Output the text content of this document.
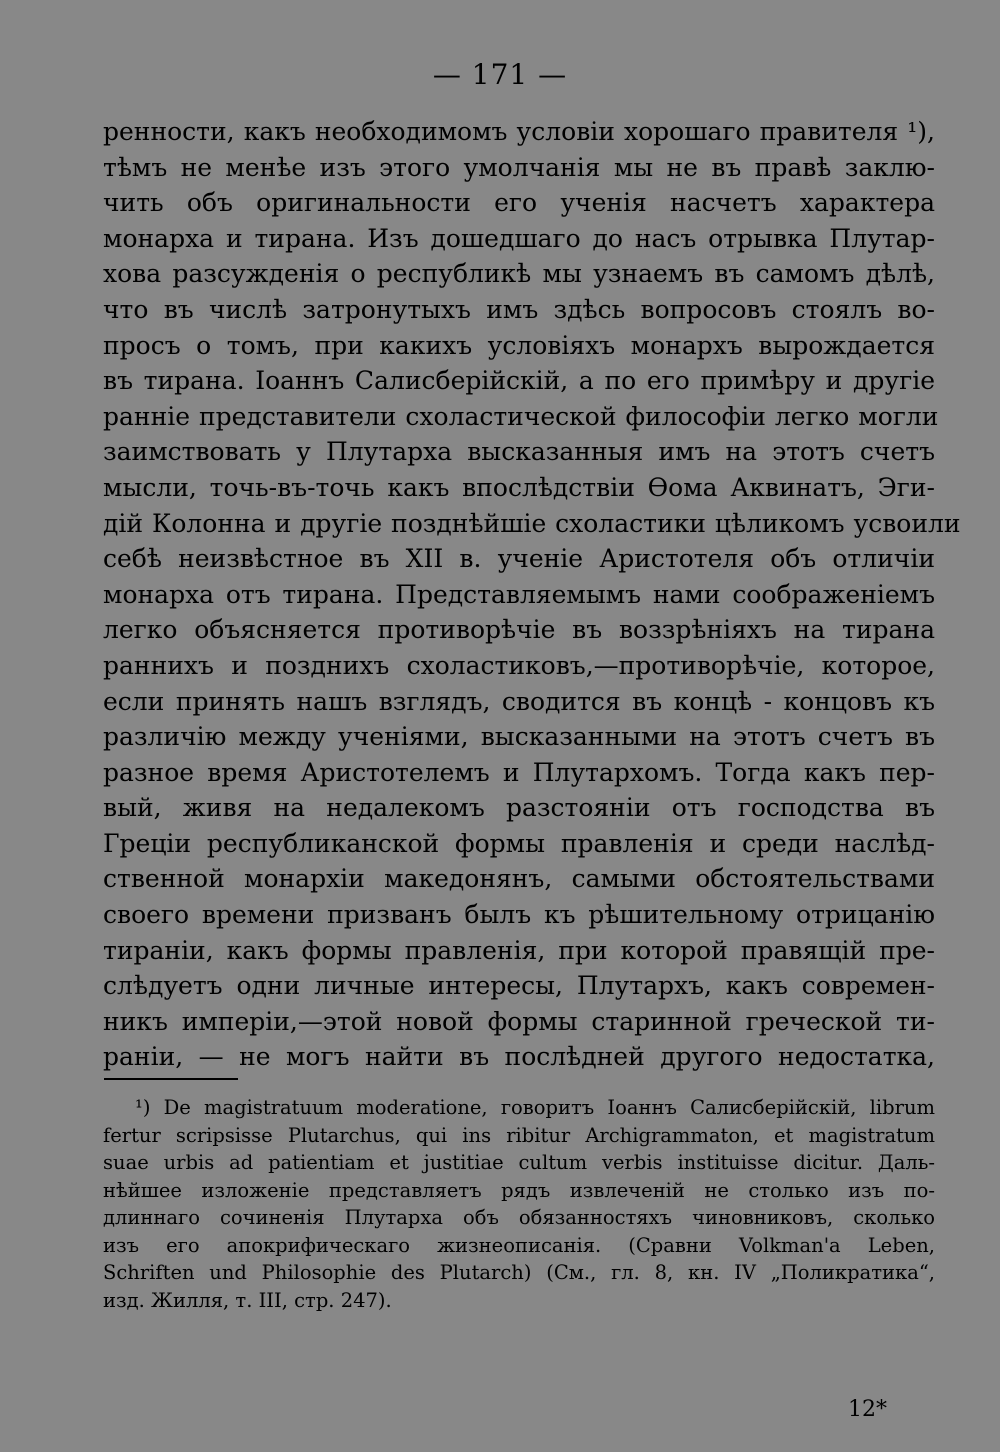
— 171 —
ренности, какъ необходимомъ условіи хорошаго правителя ¹),
тѣмъ не менѣе изъ этого умолчанія мы не въ правѣ заклю-
чить объ оригинальности его ученія насчетъ характера
монарха и тирана. Изъ дошедшаго до насъ отрывка Плутар-
хова разсужденія о республикѣ мы узнаемъ въ самомъ дѣлѣ,
что въ числѣ затронутыхъ имъ здѣсь вопросовъ стоялъ во-
просъ о томъ, при какихъ условіяхъ монархъ вырождается
въ тирана. Іоаннъ Салисберійскій, а по его примѣру и другіе
ранніе представители схоластической философіи легко могли
заимствовать у Плутарха высказанныя имъ на этотъ счетъ
мысли, точь-въ-точь какъ впослѣдствіи Ѳома Аквинатъ, Эги-
дій Колонна и другіе позднѣйшіе схоластики цѣликомъ усвоили
себѣ неизвѣстное въ XII в. ученіе Аристотеля объ отличіи
монарха отъ тирана. Представляемымъ нами соображеніемъ
легко объясняется противорѣчіе въ воззрѣніяхъ на тирана
раннихъ и позднихъ схоластиковъ,—противорѣчіе, которое,
если принять нашъ взглядъ, сводится въ концѣ - концовъ къ
различію между ученіями, высказанными на этотъ счетъ въ
разное время Аристотелемъ и Плутархомъ. Тогда какъ пер-
вый, живя на недалекомъ разстояніи отъ господства въ
Греціи республиканской формы правленія и среди наслѣд-
ственной монархіи македонянъ, самыми обстоятельствами
своего времени призванъ былъ къ рѣшительному отрицанію
тираніи, какъ формы правленія, при которой правящій пре-
слѣдуетъ одни личные интересы, Плутархъ, какъ современ-
никъ имперіи,—этой новой формы старинной греческой ти-
раніи, — не могъ найти въ послѣдней другого недостатка,
¹) De magistratuum moderatione, говоритъ Іоаннъ Салисберійскій, librum
fertur scripsisse Plutarchus, qui ins ribitur Archigrammaton, et magistratum
suae urbis ad patientiam et justitiae cultum verbis instituisse dicitur. Даль-
нѣйшее изложеніе представляетъ рядъ извлеченій не столько изъ по-
длиннаго сочиненія Плутарха объ обязанностяхъ чиновниковъ, сколько
изъ его апокрифическаго жизнеописанія. (Сравни Volkman'a Leben,
Schriften und Philosophie des Plutarch) (См., гл. 8, кн. IV „Поликратика“,
изд. Жилля, т. III, стр. 247).
12*
